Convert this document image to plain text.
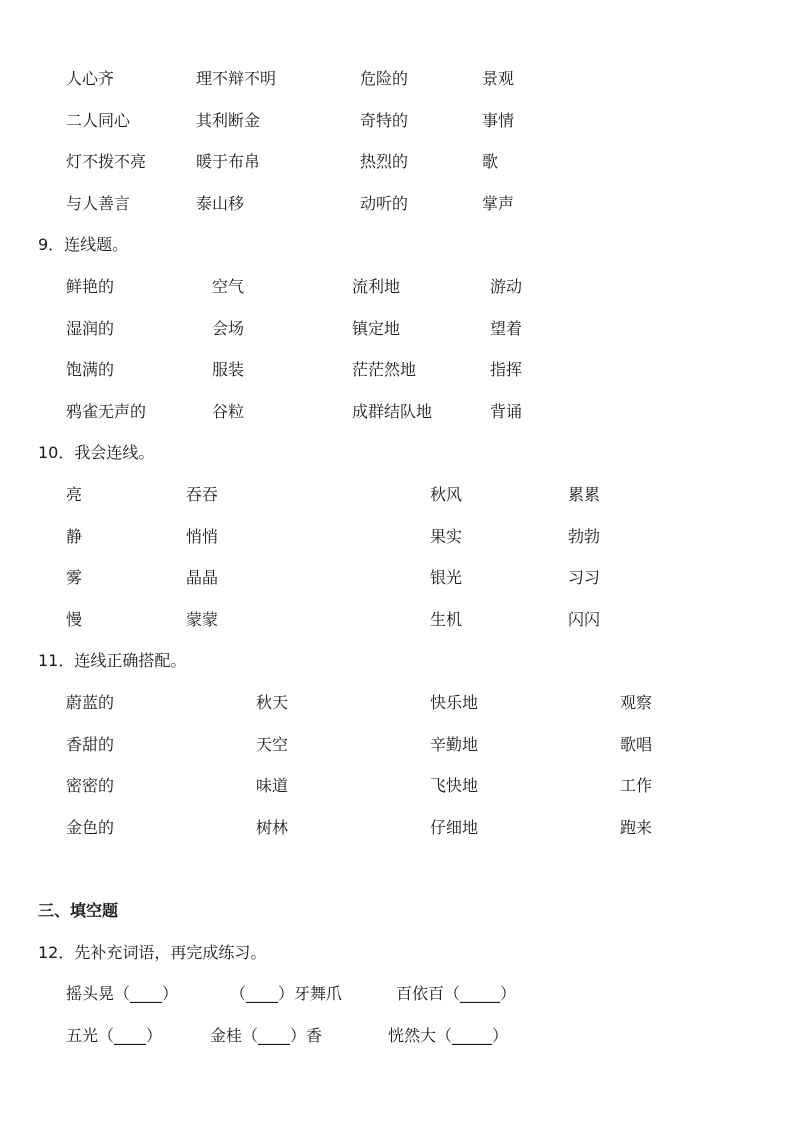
人心齐	理不辩不明	危险的	景观
二人同心	其利断金	奇特的	事情
灯不拨不亮	暖于布帛	热烈的	歌
与人善言	泰山移	动听的	掌声
9．连线题。
鲜艳的	空气	流利地	游动
湿润的	会场	镇定地	望着
饱满的	服装	茫茫然地	指挥
鸦雀无声的	谷粒	成群结队地	背诵
10．我会连线。
亮	吞吞	秋风	累累
静	悄悄	果实	勃勃
雾	晶晶	银光	习习
慢	蒙蒙	生机	闪闪
11．连线正确搭配。
蔚蓝的	秋天	快乐地	观察
香甜的	天空	辛勤地	歌唱
密密的	味道	飞快地	工作
金色的	树林	仔细地	跑来
三、填空题
12．先补充词语，再完成练习。
摇头晃（____）	（____）牙舞爪	百依百（_____）
五光（____）	金桂（____）香	恍然大（_____）
